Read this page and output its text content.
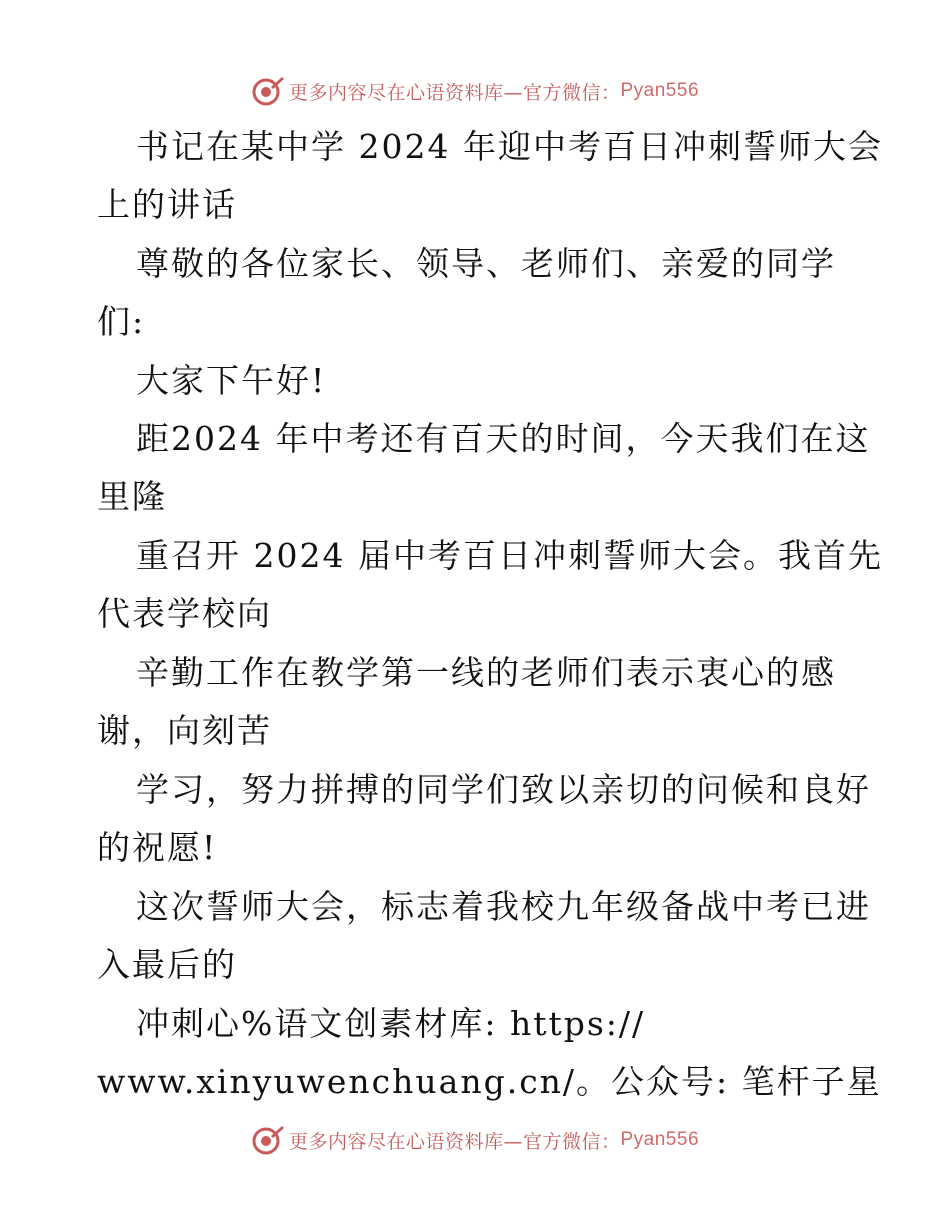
更多内容尽在心语资料库—官方微信： Pyan556
书记在某中学 2024 年迎中考百日冲刺誓师大会
上的讲话
尊敬的各位家长、领导、老师们、亲爱的同学
们:
大家下午好!
距2024 年中考还有百天的时间，今天我们在这
里隆
重召开 2024 届中考百日冲刺誓师大会。我首先
代表学校向
辛勤工作在教学第一线的老师们表示衷心的感
谢，向刻苦
学习，努力拼搏的同学们致以亲切的问候和良好
的祝愿!
这次誓师大会，标志着我校九年级备战中考已进
入最后的
冲刺心%语文创素材库: https://
www.xinyuwenchuang.cn/。公众号: 笔杆子星
更多内容尽在心语资料库—官方微信： Pyan556
